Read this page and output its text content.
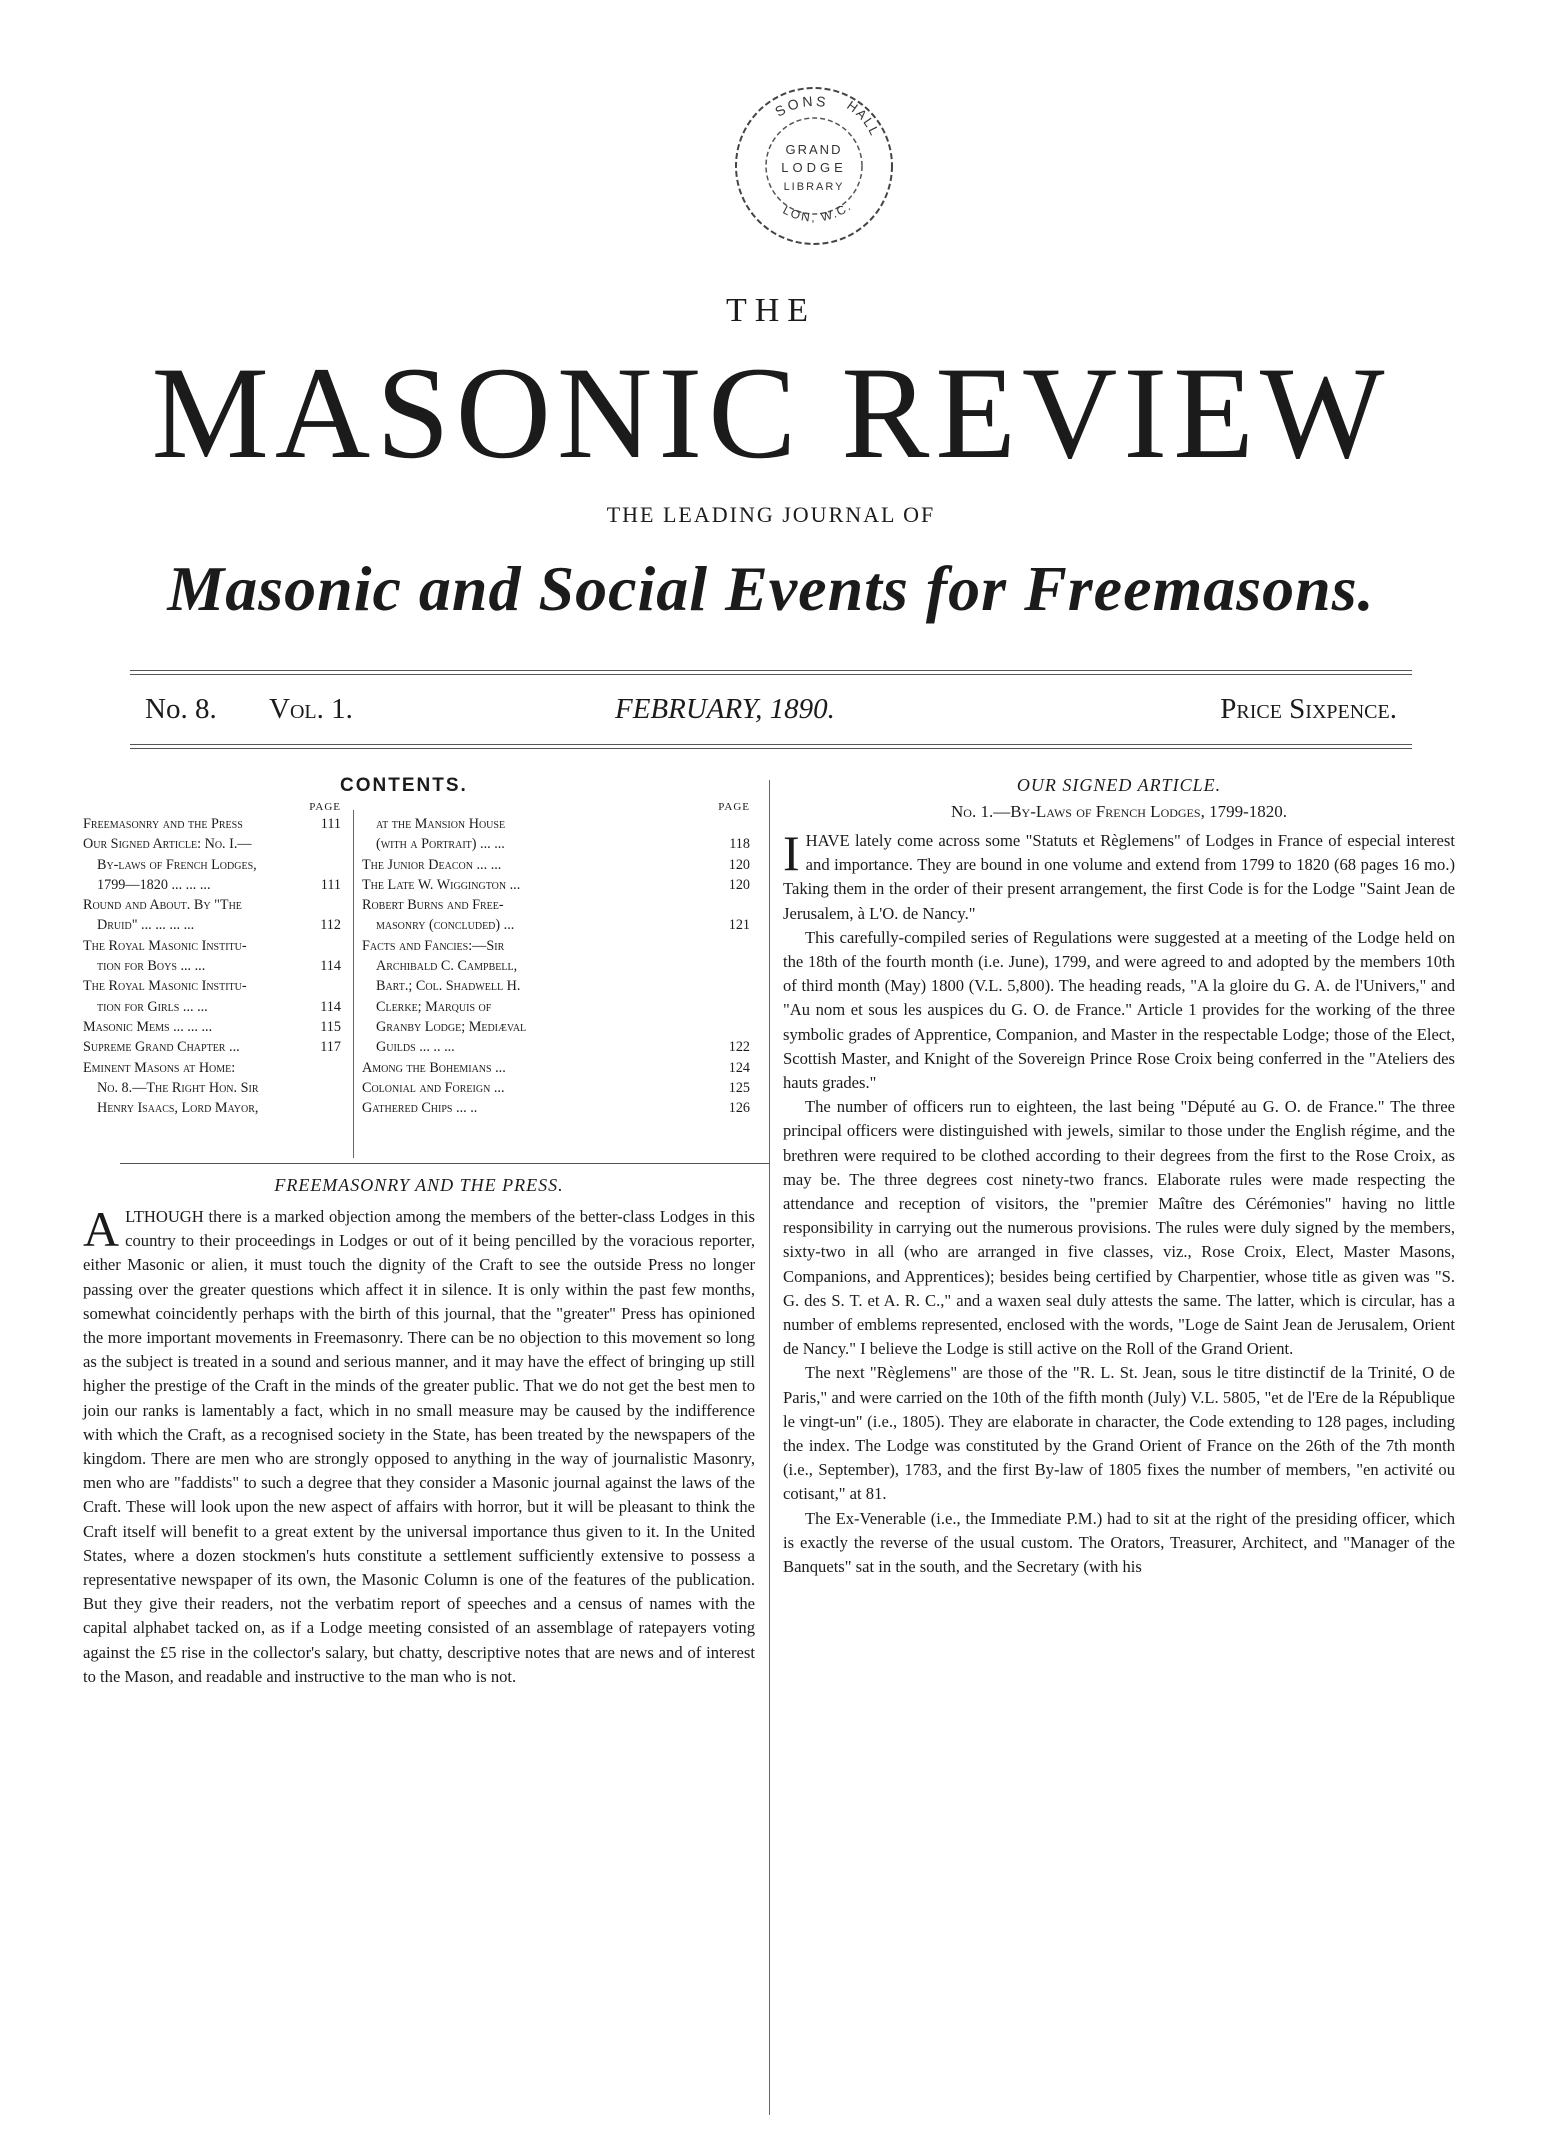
SONS HALL
LON, W.C.
GRAND
LODGE
LIBRARY
THE
MASONIC REVIEW
THE LEADING JOURNAL OF
Masonic and Social Events for Freemasons.
No. 8. Vol. 1.	FEBRUARY, 1890.	Price Sixpence.
CONTENTS.
PAGE
Freemasonry and the Press	111
Our Signed Article: No. I.—
By-laws of French Lodges,
1799—1820 ... ... ...	111
Round and About. By "The
Druid" ... ... ... ...	112
The Royal Masonic Institu-
tion for Boys ... ...	114
The Royal Masonic Institu-
tion for Girls ... ...	114
Masonic Mems ... ... ...	115
Supreme Grand Chapter ...	117
Eminent Masons at Home:
No. 8.—The Right Hon. Sir
Henry Isaacs, Lord Mayor,
PAGE
at the Mansion House
(with a Portrait) ... ...	118
The Junior Deacon ... ...	120
The Late W. Wiggington ...	120
Robert Burns and Free-
masonry (concluded) ...	121
Facts and Fancies:—Sir
Archibald C. Campbell,
Bart.; Col. Shadwell H.
Clerke; Marquis of
Granby Lodge; Mediæval
Guilds ... .. ...	122
Among the Bohemians ...	124
Colonial and Foreign ...	125
Gathered Chips ... ..	126
FREEMASONRY AND THE PRESS.
ALTHOUGH there is a marked objection among the members of the better-class Lodges in this country to their proceedings in Lodges or out of it being pencilled by the voracious reporter, either Masonic or alien, it must touch the dignity of the Craft to see the outside Press no longer passing over the greater questions which affect it in silence. It is only within the past few months, somewhat coincidently perhaps with the birth of this journal, that the "greater" Press has opinioned the more important movements in Freemasonry. There can be no objection to this movement so long as the subject is treated in a sound and serious manner, and it may have the effect of bringing up still higher the prestige of the Craft in the minds of the greater public. That we do not get the best men to join our ranks is lamentably a fact, which in no small measure may be caused by the indifference with which the Craft, as a recognised society in the State, has been treated by the newspapers of the kingdom. There are men who are strongly opposed to anything in the way of journalistic Masonry, men who are "faddists" to such a degree that they consider a Masonic journal against the laws of the Craft. These will look upon the new aspect of affairs with horror, but it will be pleasant to think the Craft itself will benefit to a great extent by the universal importance thus given to it. In the United States, where a dozen stockmen's huts constitute a settlement sufficiently extensive to possess a representative newspaper of its own, the Masonic Column is one of the features of the publication. But they give their readers, not the verbatim report of speeches and a census of names with the capital alphabet tacked on, as if a Lodge meeting consisted of an assemblage of ratepayers voting against the £5 rise in the collector's salary, but chatty, descriptive notes that are news and of interest to the Mason, and readable and instructive to the man who is not.
OUR SIGNED ARTICLE.
No. 1.—By-Laws of French Lodges, 1799-1820.

IHAVE lately come across some "Statuts et Règlemens" of Lodges in France of especial interest and importance. They are bound in one volume and extend from 1799 to 1820 (68 pages 16 mo.) Taking them in the order of their present arrangement, the first Code is for the Lodge "Saint Jean de Jerusalem, à L'O. de Nancy."

This carefully-compiled series of Regulations were suggested at a meeting of the Lodge held on the 18th of the fourth month (i.e. June), 1799, and were agreed to and adopted by the members 10th of third month (May) 1800 (V.L. 5,800). The heading reads, "A la gloire du G. A. de l'Univers," and "Au nom et sous les auspices du G. O. de France." Article 1 provides for the working of the three symbolic grades of Apprentice, Companion, and Master in the respectable Lodge; those of the Elect, Scottish Master, and Knight of the Sovereign Prince Rose Croix being conferred in the "Ateliers des hauts grades."

The number of officers run to eighteen, the last being "Député au G. O. de France." The three principal officers were distinguished with jewels, similar to those under the English régime, and the brethren were required to be clothed according to their degrees from the first to the Rose Croix, as may be. The three degrees cost ninety-two francs. Elaborate rules were made respecting the attendance and reception of visitors, the "premier Maître des Cérémonies" having no little responsibility in carrying out the numerous provisions. The rules were duly signed by the members, sixty-two in all (who are arranged in five classes, viz., Rose Croix, Elect, Master Masons, Companions, and Apprentices); besides being certified by Charpentier, whose title as given was "S. G. des S. T. et A. R. C.," and a waxen seal duly attests the same. The latter, which is circular, has a number of emblems represented, enclosed with the words, "Loge de Saint Jean de Jerusalem, Orient de Nancy." I believe the Lodge is still active on the Roll of the Grand Orient.

The next "Règlemens" are those of the "R. L. St. Jean, sous le titre distinctif de la Trinité, O de Paris," and were carried on the 10th of the fifth month (July) V.L. 5805, "et de l'Ere de la République le vingt-un" (i.e., 1805). They are elaborate in character, the Code extending to 128 pages, including the index. The Lodge was constituted by the Grand Orient of France on the 26th of the 7th month (i.e., September), 1783, and the first By-law of 1805 fixes the number of members, "en activité ou cotisant," at 81.

The Ex-Venerable (i.e., the Immediate P.M.) had to sit at the right of the presiding officer, which is exactly the reverse of the usual custom. The Orators, Treasurer, Architect, and "Manager of the Banquets" sat in the south, and the Secretary (with his
